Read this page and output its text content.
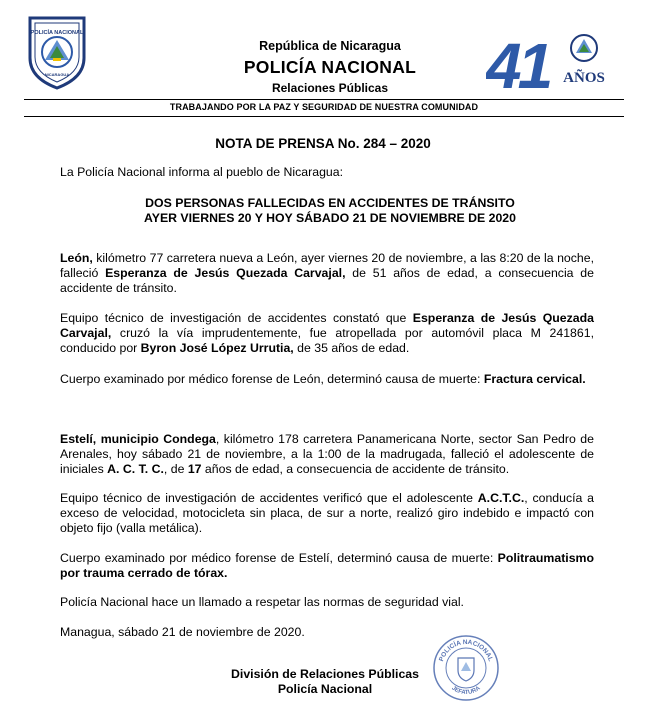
POLICÍA NACIONAL
NICARAGUA
República de Nicaragua
POLICÍA NACIONAL
Relaciones Públicas	41 AÑOS
TRABAJANDO POR LA PAZ Y SEGURIDAD DE NUESTRA COMUNIDAD
NOTA DE PRENSA No. 284 – 2020
La Policía Nacional informa al pueblo de Nicaragua:
DOS PERSONAS FALLECIDAS EN ACCIDENTES DE TRÁNSITO
AYER VIERNES 20 Y HOY SÁBADO 21 DE NOVIEMBRE DE 2020
León, kilómetro 77 carretera nueva a León, ayer viernes 20 de noviembre, a las 8:20 de la noche, falleció Esperanza de Jesús Quezada Carvajal, de 51 años de edad, a consecuencia de accidente de tránsito.
Equipo técnico de investigación de accidentes constató que Esperanza de Jesús Quezada Carvajal, cruzó la vía imprudentemente, fue atropellada por automóvil placa M 241861, conducido por Byron José López Urrutia, de 35 años de edad.
Cuerpo examinado por médico forense de León, determinó causa de muerte: Fractura cervical.
Estelí, municipio Condega, kilómetro 178 carretera Panamericana Norte, sector San Pedro de Arenales, hoy sábado 21 de noviembre, a la 1:00 de la madrugada, falleció el adolescente de iniciales A. C. T. C., de 17 años de edad, a consecuencia de accidente de tránsito.
Equipo técnico de investigación de accidentes verificó que el adolescente A.C.T.C., conducía a exceso de velocidad, motocicleta sin placa, de sur a norte, realizó giro indebido e impactó con objeto fijo (valla metálica).
Cuerpo examinado por médico forense de Estelí, determinó causa de muerte: Politraumatismo por trauma cerrado de tórax.
Policía Nacional hace un llamado a respetar las normas de seguridad vial.
Managua, sábado 21 de noviembre de 2020.
División de Relaciones Públicas
Policía Nacional
POLICÍA NACIONAL
JEFATURA
